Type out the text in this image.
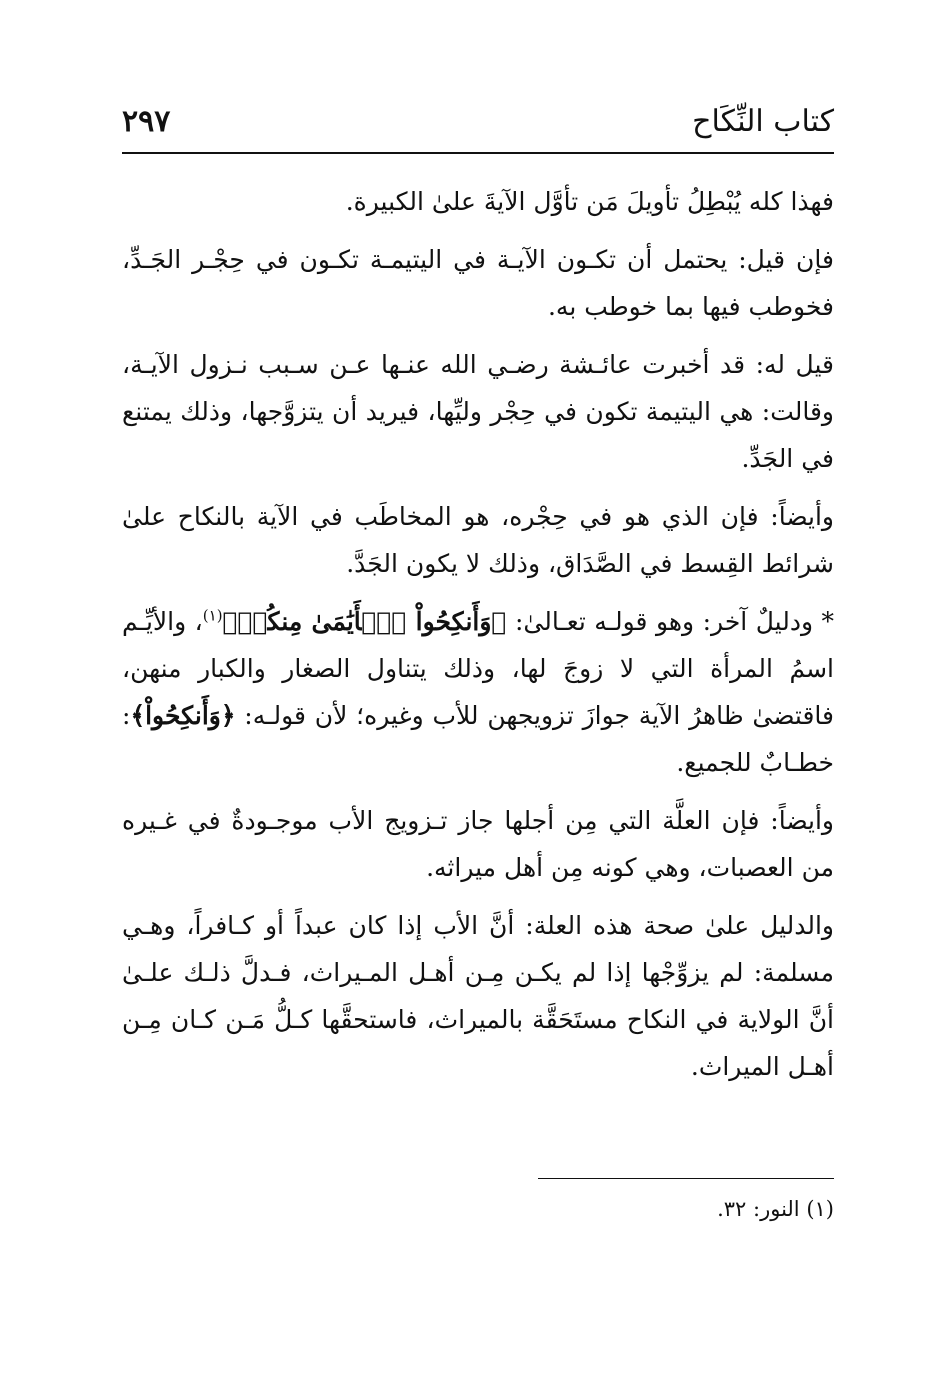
كتاب النِّكَاح
٢٩٧

فهذا كله يُبْطِلُ تأويلَ مَن تأوَّل الآيةَ علىٰ الكبيرة.

فإن قيل: يحتمل أن تكـون الآيـة في اليتيمـة تكـون في حِجْـر الجَـدِّ، فخوطب فيها بما خوطب به.

قيل له: قد أخبرت عائـشة رضـي الله عنـها عـن سـبب نـزول الآيـة، وقالت: هي اليتيمة تكون في حِجْر وليِّها، فيريد أن يتزوَّجها، وذلك يمتنع في الجَدِّ.

وأيضاً: فإن الذي هو في حِجْره، هو المخاطَب في الآية بالنكاح علىٰ شرائط القِسط في الصَّدَاق، وذلك لا يكون الجَدَّ.

* ودليلٌ آخر: وهو قولـه تعـالىٰ: ﴿وَأَنكِحُواْ ٱلۡأَيَٰمَىٰ مِنكُمۡ﴾$^{(١)}$، والأيِّـم اسمُ المرأة التي لا زوجَ لها، وذلك يتناول الصغار والكبار منهن، فاقتضىٰ ظاهرُ الآية جوازَ تزويجهن للأب وغيره؛ لأن قولـه: ﴿وَأَنكِحُواْ﴾: خطـابٌ للجميع.

وأيضاً: فإن العلَّة التي مِن أجلها جاز تـزويج الأب موجـودةٌ في غـيره من العصبات، وهي كونه مِن أهل ميراثه.

والدليل علىٰ صحة هذه العلة: أنَّ الأب إذا كان عبداً أو كـافراً، وهـي مسلمة: لم يزوِّجْها إذا لم يكـن مِـن أهـل المـيراث، فـدلَّ ذلـك علـىٰ أنَّ الولاية في النكاح مستَحَقَّة بالميراث، فاستحقَّها كـلُّ مَـن كـان مِـن أهـل الميراث.

(١) النور: ٣٢.
